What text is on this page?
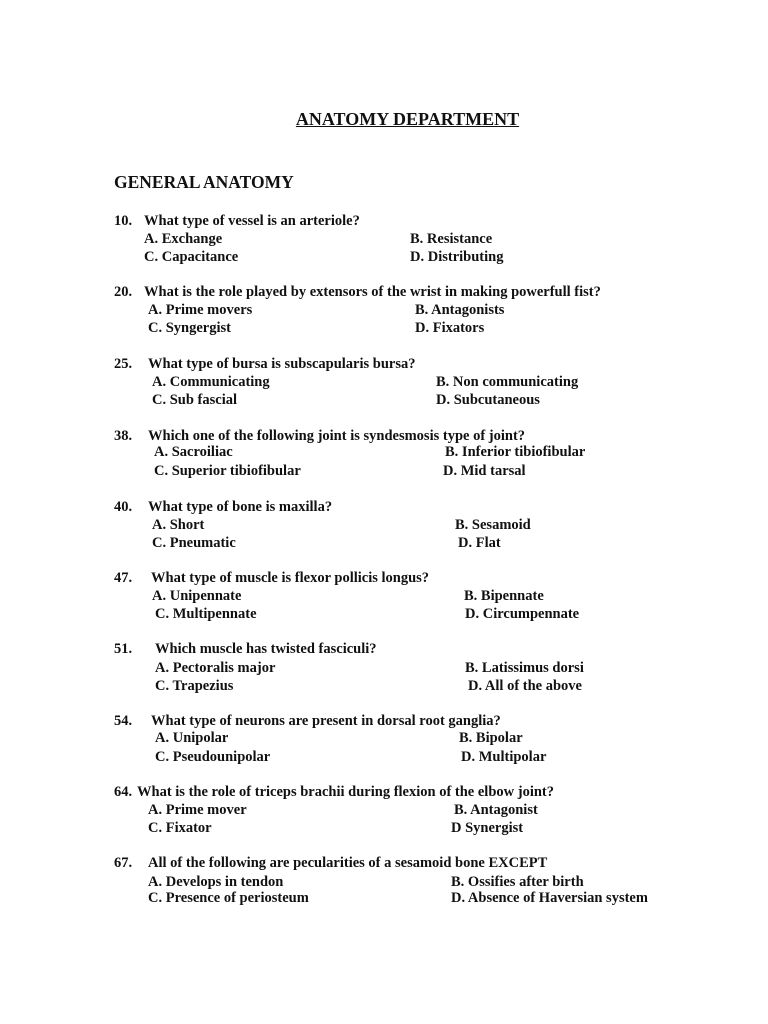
ANATOMY DEPARTMENT
GENERAL ANATOMY
10. What type of vessel is an arteriole?
A. Exchange	B. Resistance
C. Capacitance	D. Distributing
20. What is the role played by extensors of the wrist in making powerfull fist?
A. Prime movers	B. Antagonists
C. Syngergist	D. Fixators
25. What type of bursa is subscapularis bursa?
A. Communicating	B. Non communicating
C. Sub fascial	D. Subcutaneous
38. Which one of the following joint is syndesmosis type of joint?
A. Sacroiliac	B. Inferior tibiofibular
C. Superior tibiofibular	D. Mid tarsal
40. What type of bone is maxilla?
A. Short	B. Sesamoid
C. Pneumatic	D. Flat
47. What type of muscle is flexor pollicis longus?
A. Unipennate	B. Bipennate
C. Multipennate	D. Circumpennate
51. Which muscle has twisted fasciculi?
A. Pectoralis major	B. Latissimus dorsi
C. Trapezius	D. All of the above
54. What type of neurons are present in dorsal root ganglia?
A. Unipolar	B. Bipolar
C. Pseudounipolar	D. Multipolar
64. What is the role of triceps brachii during flexion of the elbow joint?
A. Prime mover	B. Antagonist
C. Fixator	D Synergist
67. All of the following are pecularities of a sesamoid bone EXCEPT
A. Develops in tendon	B. Ossifies after birth
C. Presence of periosteum	D. Absence of Haversian system
